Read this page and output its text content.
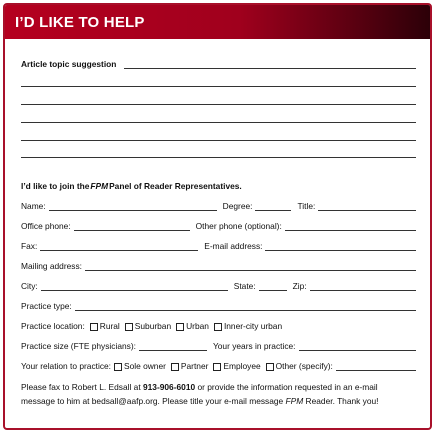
I’D LIKE TO HELP
Article topic suggestion
I’d like to join the FPM Panel of Reader Representatives.
Name:	Degree:	Title:
Office phone:	Other phone (optional):
Fax:	E-mail address:
Mailing address:
City:	State:	Zip:
Practice type:
Practice location: Rural Suburban Urban Inner-city urban
Practice size (FTE physicians):	Your years in practice:
Your relation to practice: Sole owner Partner Employee Other (specify):
Please fax to Robert L. Edsall at 913-906-6010 or provide the information requested in an e-mail
message to him at bedsall@aafp.org. Please title your e-mail message FPM Reader. Thank you!
